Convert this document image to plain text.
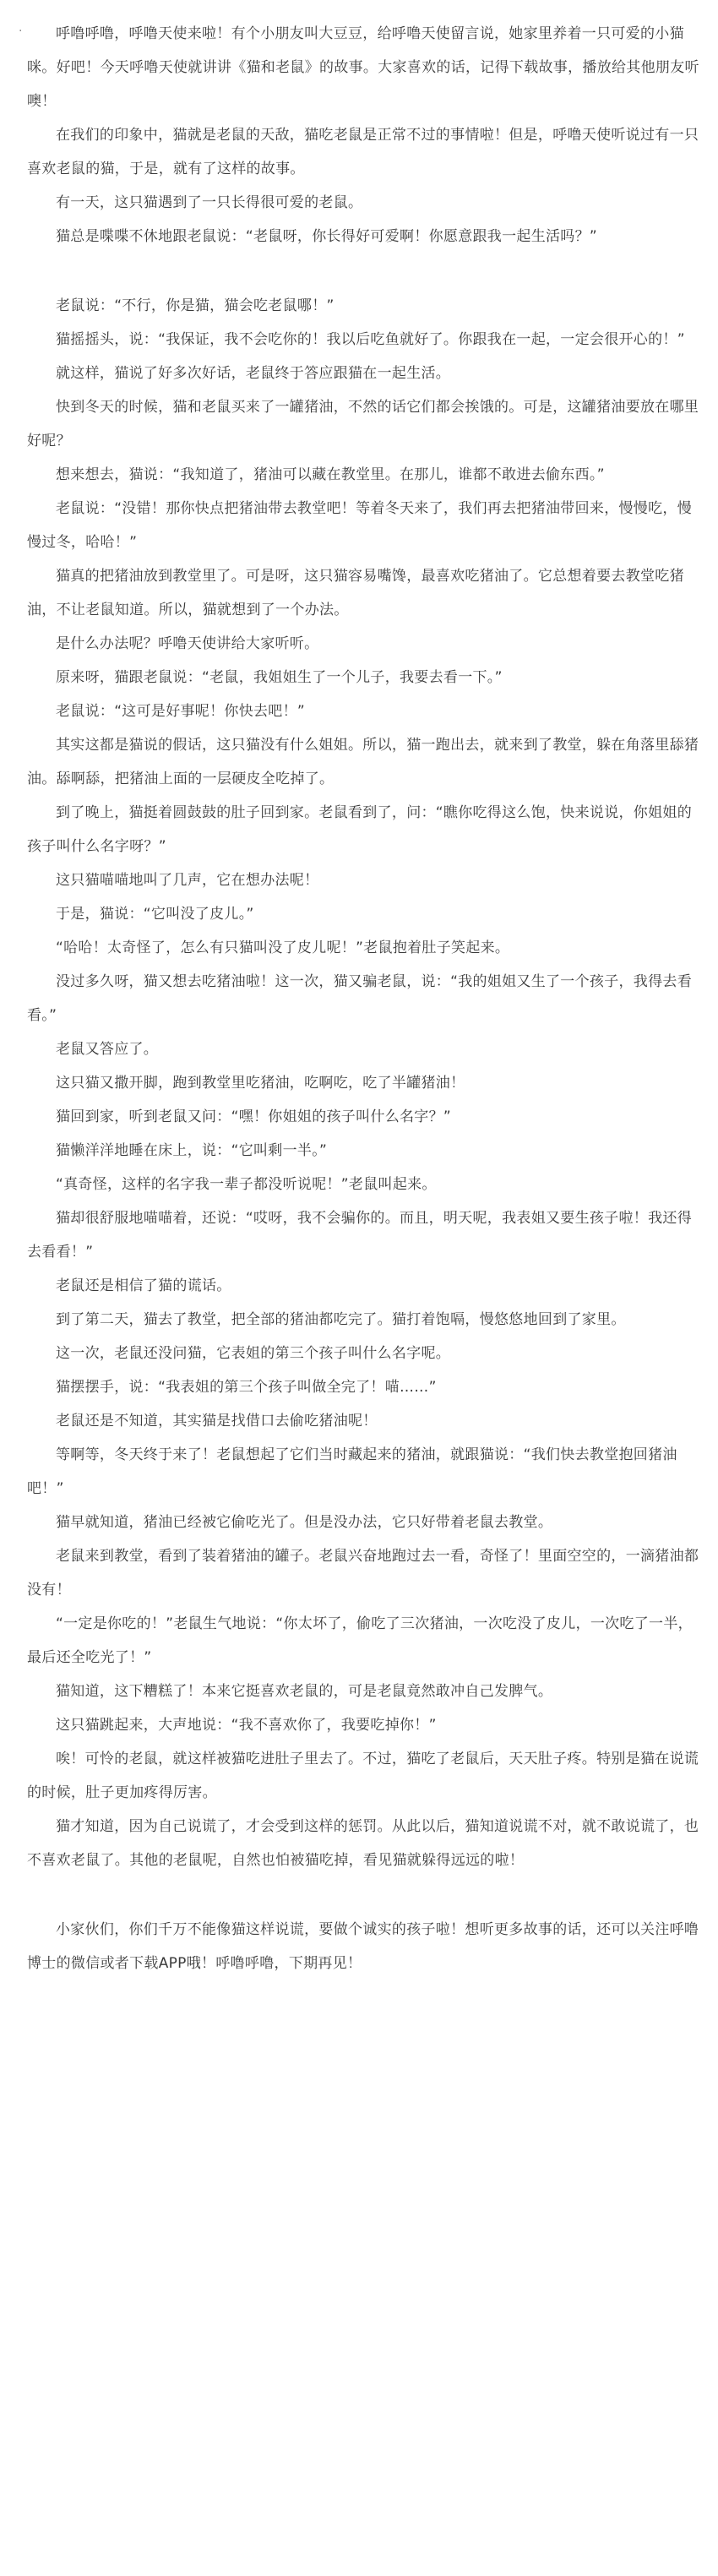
·	呼噜呼噜，呼噜天使来啦！有个小朋友叫大豆豆，给呼噜天使留言说，她家里养着一只可爱的小猫咪。好吧！今天呼噜天使就讲讲《猫和老鼠》的故事。大家喜欢的话，记得下载故事，播放给其他朋友听噢！

在我们的印象中，猫就是老鼠的天敌，猫吃老鼠是正常不过的事情啦！但是，呼噜天使听说过有一只喜欢老鼠的猫，于是，就有了这样的故事。

有一天，这只猫遇到了一只长得很可爱的老鼠。

猫总是喋喋不休地跟老鼠说：“老鼠呀，你长得好可爱啊！你愿意跟我一起生活吗？”

老鼠说：“不行，你是猫，猫会吃老鼠哪！”

猫摇摇头，说：“我保证，我不会吃你的！我以后吃鱼就好了。你跟我在一起，一定会很开心的！”

就这样，猫说了好多次好话，老鼠终于答应跟猫在一起生活。

快到冬天的时候，猫和老鼠买来了一罐猪油，不然的话它们都会挨饿的。可是，这罐猪油要放在哪里好呢？

想来想去，猫说：“我知道了，猪油可以藏在教堂里。在那儿，谁都不敢进去偷东西。”

老鼠说：“没错！那你快点把猪油带去教堂吧！等着冬天来了，我们再去把猪油带回来，慢慢吃，慢慢过冬，哈哈！”

猫真的把猪油放到教堂里了。可是呀，这只猫容易嘴馋，最喜欢吃猪油了。它总想着要去教堂吃猪油，不让老鼠知道。所以，猫就想到了一个办法。

是什么办法呢？呼噜天使讲给大家听听。

原来呀，猫跟老鼠说：“老鼠，我姐姐生了一个儿子，我要去看一下。”

老鼠说：“这可是好事呢！你快去吧！”

其实这都是猫说的假话，这只猫没有什么姐姐。所以，猫一跑出去，就来到了教堂，躲在角落里舔猪油。舔啊舔，把猪油上面的一层硬皮全吃掉了。

到了晚上，猫挺着圆鼓鼓的肚子回到家。老鼠看到了，问：“瞧你吃得这么饱，快来说说，你姐姐的孩子叫什么名字呀？”

这只猫喵喵地叫了几声，它在想办法呢！

于是，猫说：“它叫没了皮儿。”

“哈哈！太奇怪了，怎么有只猫叫没了皮儿呢！”老鼠抱着肚子笑起来。

没过多久呀，猫又想去吃猪油啦！这一次，猫又骗老鼠，说：“我的姐姐又生了一个孩子，我得去看看。”

老鼠又答应了。

这只猫又撒开脚，跑到教堂里吃猪油，吃啊吃，吃了半罐猪油！

猫回到家，听到老鼠又问：“嘿！你姐姐的孩子叫什么名字？”

猫懒洋洋地睡在床上，说：“它叫剩一半。”

“真奇怪，这样的名字我一辈子都没听说呢！”老鼠叫起来。

猫却很舒服地喵喵着，还说：“哎呀，我不会骗你的。而且，明天呢，我表姐又要生孩子啦！我还得去看看！”

老鼠还是相信了猫的谎话。

到了第二天，猫去了教堂，把全部的猪油都吃完了。猫打着饱嗝，慢悠悠地回到了家里。

这一次，老鼠还没问猫，它表姐的第三个孩子叫什么名字呢。

猫摆摆手，说：“我表姐的第三个孩子叫做全完了！喵……”

老鼠还是不知道，其实猫是找借口去偷吃猪油呢！

等啊等，冬天终于来了！老鼠想起了它们当时藏起来的猪油，就跟猫说：“我们快去教堂抱回猪油吧！”

猫早就知道，猪油已经被它偷吃光了。但是没办法，它只好带着老鼠去教堂。

老鼠来到教堂，看到了装着猪油的罐子。老鼠兴奋地跑过去一看，奇怪了！里面空空的，一滴猪油都没有！

“一定是你吃的！”老鼠生气地说：“你太坏了，偷吃了三次猪油，一次吃没了皮儿，一次吃了一半，最后还全吃光了！”

猫知道，这下糟糕了！本来它挺喜欢老鼠的，可是老鼠竟然敢冲自己发脾气。

这只猫跳起来，大声地说：“我不喜欢你了，我要吃掉你！”

唉！可怜的老鼠，就这样被猫吃进肚子里去了。不过，猫吃了老鼠后，天天肚子疼。特别是猫在说谎的时候，肚子更加疼得厉害。

猫才知道，因为自己说谎了，才会受到这样的惩罚。从此以后，猫知道说谎不对，就不敢说谎了，也不喜欢老鼠了。其他的老鼠呢，自然也怕被猫吃掉，看见猫就躲得远远的啦！

小家伙们，你们千万不能像猫这样说谎，要做个诚实的孩子啦！想听更多故事的话，还可以关注呼噜博士的微信或者下载APP哦！呼噜呼噜，下期再见！
